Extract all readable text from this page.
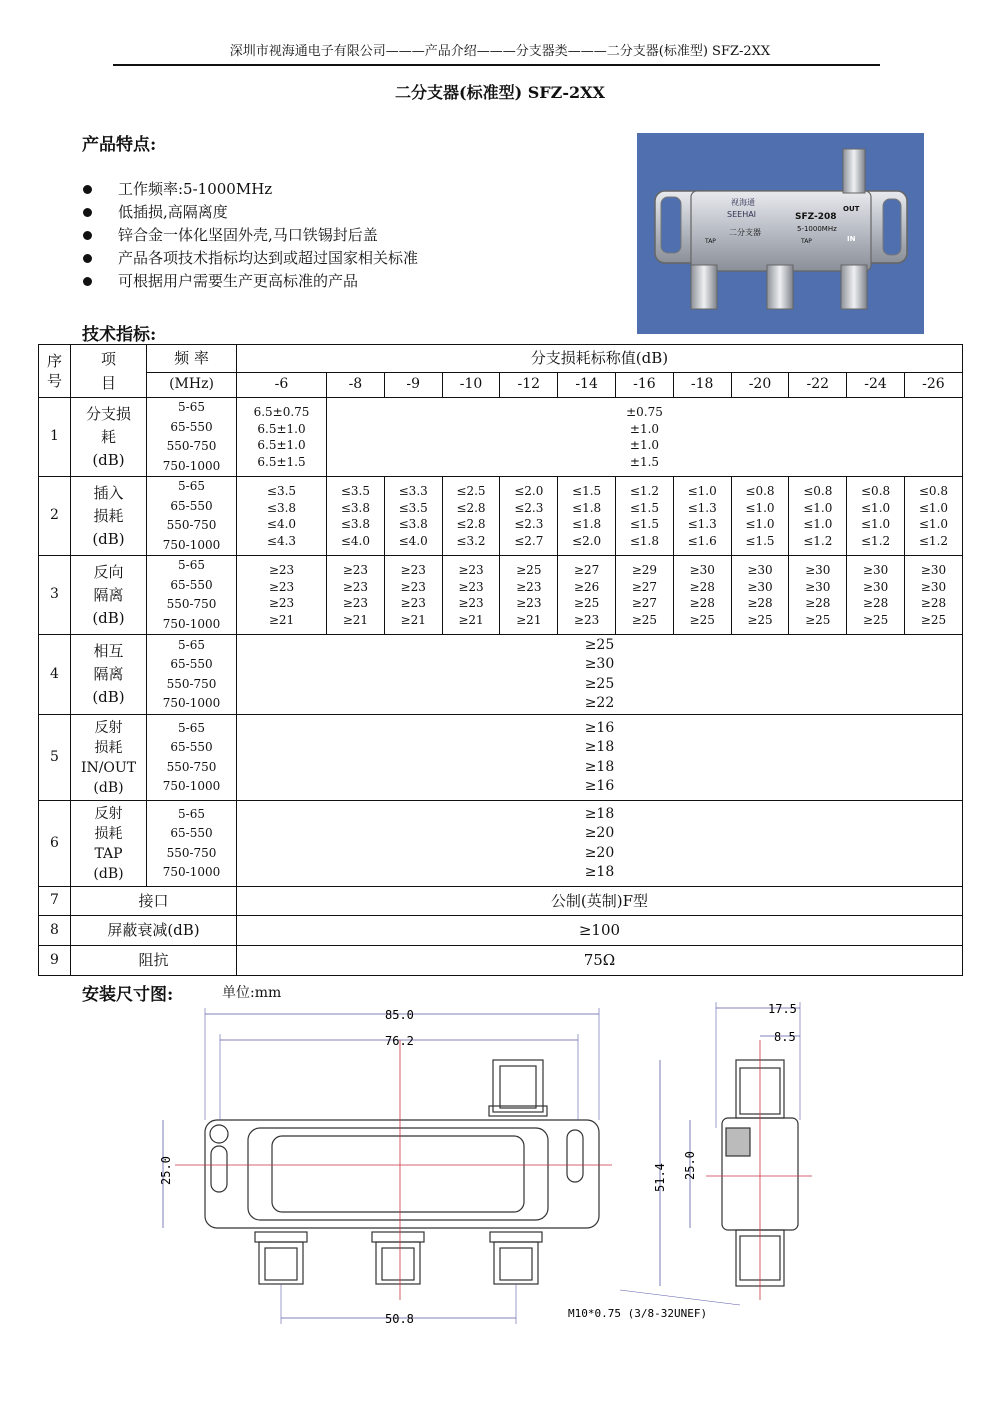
深圳市视海通电子有限公司———产品介绍———分支器类———二分支器(标准型) SFZ-2XX
二分支器(标准型) SFZ-2XX
产品特点:
工作频率:5-1000MHz
低插损,高隔离度
锌合金一体化坚固外壳,马口铁锡封后盖
产品各项技术指标均达到或超过国家相关标准
可根据用户需要生产更高标准的产品
视海通
SEEHAI	SFZ-208
5-1000MHz
二分支器
OUT
IN
TAP	TAP
技术指标:
序号	项目	频 率	分支损耗标称值(dB)											
		(MHz)	-6	-8	-9	-10	-12	-14	-16	-18	-20	-22	-24	-26
1	分支损
耗
(dB)	5-65
65-550
550-750
750-1000	6.5±0.75
6.5±1.0
6.5±1.0
6.5±1.5	±0.75
±1.0
±1.0
±1.5										
2	插入
损耗
(dB)	5-65
65-550
550-750
750-1000	≤3.5
≤3.8
≤4.0
≤4.3	≤3.5
≤3.8
≤3.8
≤4.0	≤3.3
≤3.5
≤3.8
≤4.0	≤2.5
≤2.8
≤2.8
≤3.2	≤2.0
≤2.3
≤2.3
≤2.7	≤1.5
≤1.8
≤1.8
≤2.0	≤1.2
≤1.5
≤1.5
≤1.8	≤1.0
≤1.3
≤1.3
≤1.6	≤0.8
≤1.0
≤1.0
≤1.5	≤0.8
≤1.0
≤1.0
≤1.2	≤0.8
≤1.0
≤1.0
≤1.2	≤0.8
≤1.0
≤1.0
≤1.2
3	反向
隔离
(dB)	5-65
65-550
550-750
750-1000	≥23
≥23
≥23
≥21	≥23
≥23
≥23
≥21	≥23
≥23
≥23
≥21	≥23
≥23
≥23
≥21	≥25
≥23
≥23
≥21	≥27
≥26
≥25
≥23	≥29
≥27
≥27
≥25	≥30
≥28
≥28
≥25	≥30
≥30
≥28
≥25	≥30
≥30
≥28
≥25	≥30
≥30
≥28
≥25	≥30
≥30
≥28
≥25
4	相互
隔离
(dB)	5-65
65-550
550-750
750-1000	≥25
≥30
≥25
≥22											
5	反射
损耗
IN/OUT
(dB)	5-65
65-550
550-750
750-1000	≥16
≥18
≥18
≥16											
6	反射
损耗
TAP
(dB)	5-65
65-550
550-750
750-1000	≥18
≥20
≥20
≥18											
7	接口		公制(英制)F型											
8	屏蔽衰减(dB)		≥100											
9	阻抗		75Ω											
安装尺寸图:	单位:mm
85.0
76.2
50.8
25.0
17.5
8.5
51.4 25.0
M10*0.75 (3/8-32UNEF)
